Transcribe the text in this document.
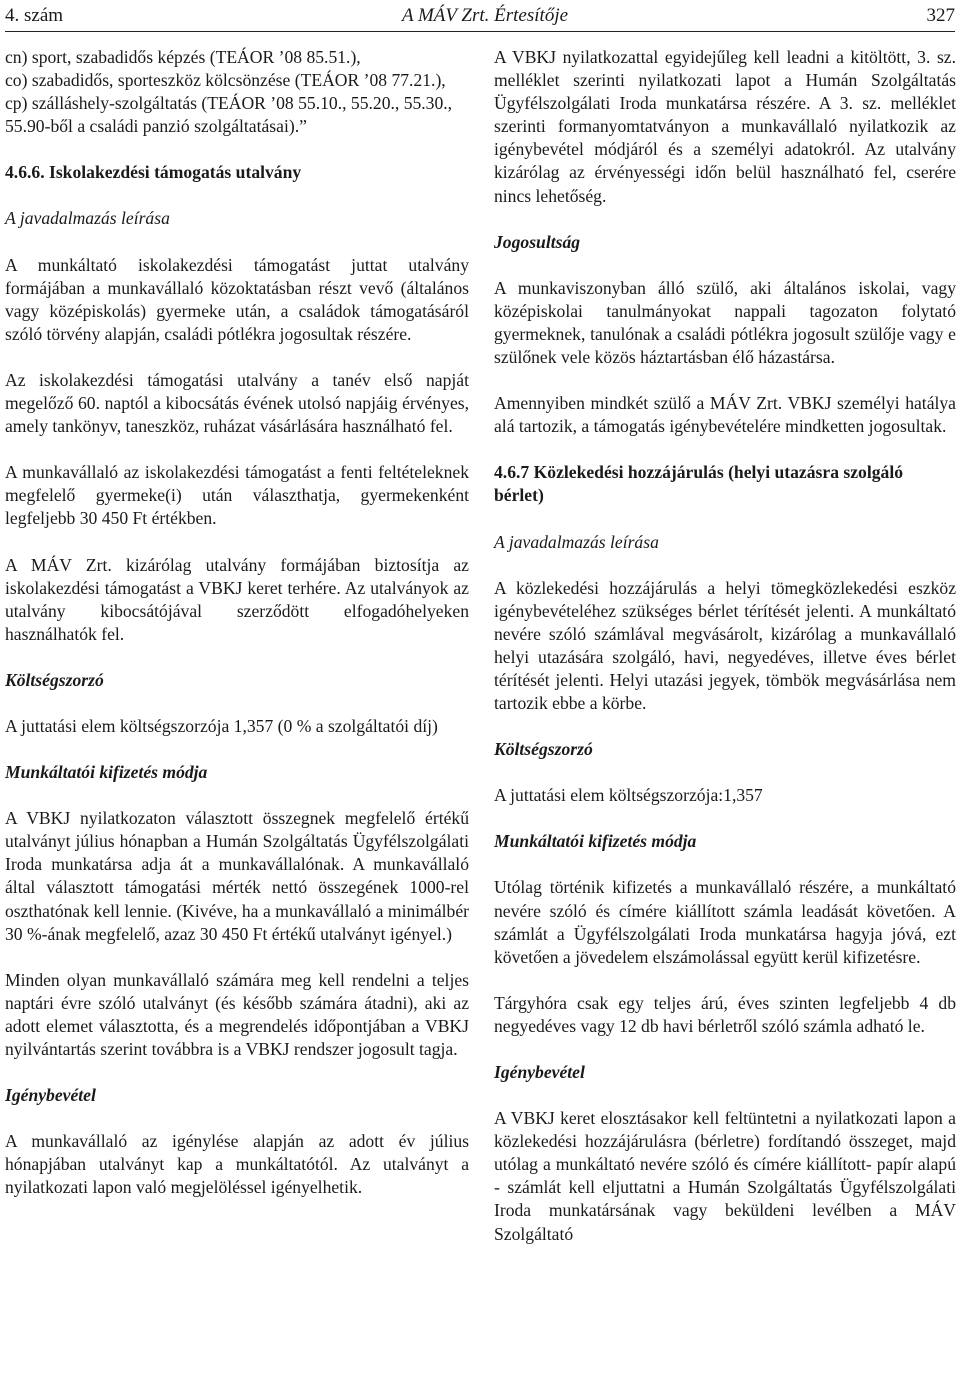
4. szám	A MÁV Zrt. Értesítője	327
cn) sport, szabadidős képzés (TEÁOR ’08 85.51.),
co) szabadidős, sporteszköz kölcsönzése (TEÁOR ’08 77.21.),
cp) szálláshely-szolgáltatás (TEÁOR ’08 55.10., 55.20., 55.30., 55.90-ből a családi panzió szolgáltatásai).”
4.6.6. Iskolakezdési támogatás utalvány
A javadalmazás leírása

A munkáltató iskolakezdési támogatást juttat utalvány formájában a munkavállaló közoktatásban részt vevő (általános vagy középiskolás) gyermeke után, a családok támogatásáról szóló törvény alapján, családi pótlékra jogosultak részére.

Az iskolakezdési támogatási utalvány a tanév első napját megelőző 60. naptól a kibocsátás évének utolsó napjáig érvényes, amely tankönyv, taneszköz, ruházat vásárlására használható fel.

A munkavállaló az iskolakezdési támogatást a fenti feltételeknek megfelelő gyermeke(i) után választhatja, gyermekenként legfeljebb 30 450 Ft értékben.

A MÁV Zrt. kizárólag utalvány formájában biztosítja az iskolakezdési támogatást a VBKJ keret terhére. Az utalványok az utalvány kibocsátójával szerződött elfogadóhelyeken használhatók fel.

Költségszorzó

A juttatási elem költségszorzója 1,357 (0 % a szolgáltatói díj)

Munkáltatói kifizetés módja

A VBKJ nyilatkozaton választott összegnek megfelelő értékű utalványt július hónapban a Humán Szolgáltatás Ügyfélszolgálati Iroda munkatársa adja át a munkavállalónak. A munkavállaló által választott támogatási mérték nettó összegének 1000-rel oszthatónak kell lennie. (Kivéve, ha a munkavállaló a minimálbér 30 %-ának megfelelő, azaz 30 450 Ft értékű utalványt igényel.)

Minden olyan munkavállaló számára meg kell rendelni a teljes naptári évre szóló utalványt (és később számára átadni), aki az adott elemet választotta, és a megrendelés időpontjában a VBKJ nyilvántartás szerint továbbra is a VBKJ rendszer jogosult tagja.

Igénybevétel

A munkavállaló az igénylése alapján az adott év július hónapjában utalványt kap a munkáltatótól. Az utalványt a nyilatkozati lapon való megjelöléssel igényelhetik.

A VBKJ nyilatkozattal egyidejűleg kell leadni a kitöltött, 3. sz. melléklet szerinti nyilatkozati lapot a Humán Szolgáltatás Ügyfélszolgálati Iroda munkatársa részére. A 3. sz. melléklet szerinti formanyomtatványon a munkavállaló nyilatkozik az igénybevétel módjáról és a személyi adatokról. Az utalvány kizárólag az érvényességi időn belül használható fel, cserére nincs lehetőség.

Jogosultság

A munkaviszonyban álló szülő, aki általános iskolai, vagy középiskolai tanulmányokat nappali tagozaton folytató gyermeknek, tanulónak a családi pótlékra jogosult szülője vagy e szülőnek vele közös háztartásban élő házastársa.

Amennyiben mindkét szülő a MÁV Zrt. VBKJ személyi hatálya alá tartozik, a támogatás igénybevételére mindketten jogosultak.

4.6.7 Közlekedési hozzájárulás (helyi utazásra szolgáló bérlet)
A javadalmazás leírása

A közlekedési hozzájárulás a helyi tömegközlekedési eszköz igénybevételéhez szükséges bérlet térítését jelenti. A munkáltató nevére szóló számlával megvásárolt, kizárólag a munkavállaló helyi utazására szolgáló, havi, negyedéves, illetve éves bérlet térítését jelenti. Helyi utazási jegyek, tömbök megvásárlása nem tartozik ebbe a körbe.

Költségszorzó

A juttatási elem költségszorzója:1,357

Munkáltatói kifizetés módja

Utólag történik kifizetés a munkavállaló részére, a munkáltató nevére szóló és címére kiállított számla leadását követően. A számlát a Ügyfélszolgálati Iroda munkatársa hagyja jóvá, ezt követően a jövedelem elszámolással együtt kerül kifizetésre.

Tárgyhóra csak egy teljes árú, éves szinten legfeljebb 4 db negyedéves vagy 12 db havi bérletről szóló számla adható le.

Igénybevétel

A VBKJ keret elosztásakor kell feltüntetni a nyilatkozati lapon a közlekedési hozzájárulásra (bérletre) fordítandó összeget, majd utólag a munkáltató nevére szóló és címére kiállított- papír alapú - számlát kell eljuttatni a Humán Szolgáltatás Ügyfélszolgálati Iroda munkatársának vagy beküldeni levélben a MÁV Szolgáltató
